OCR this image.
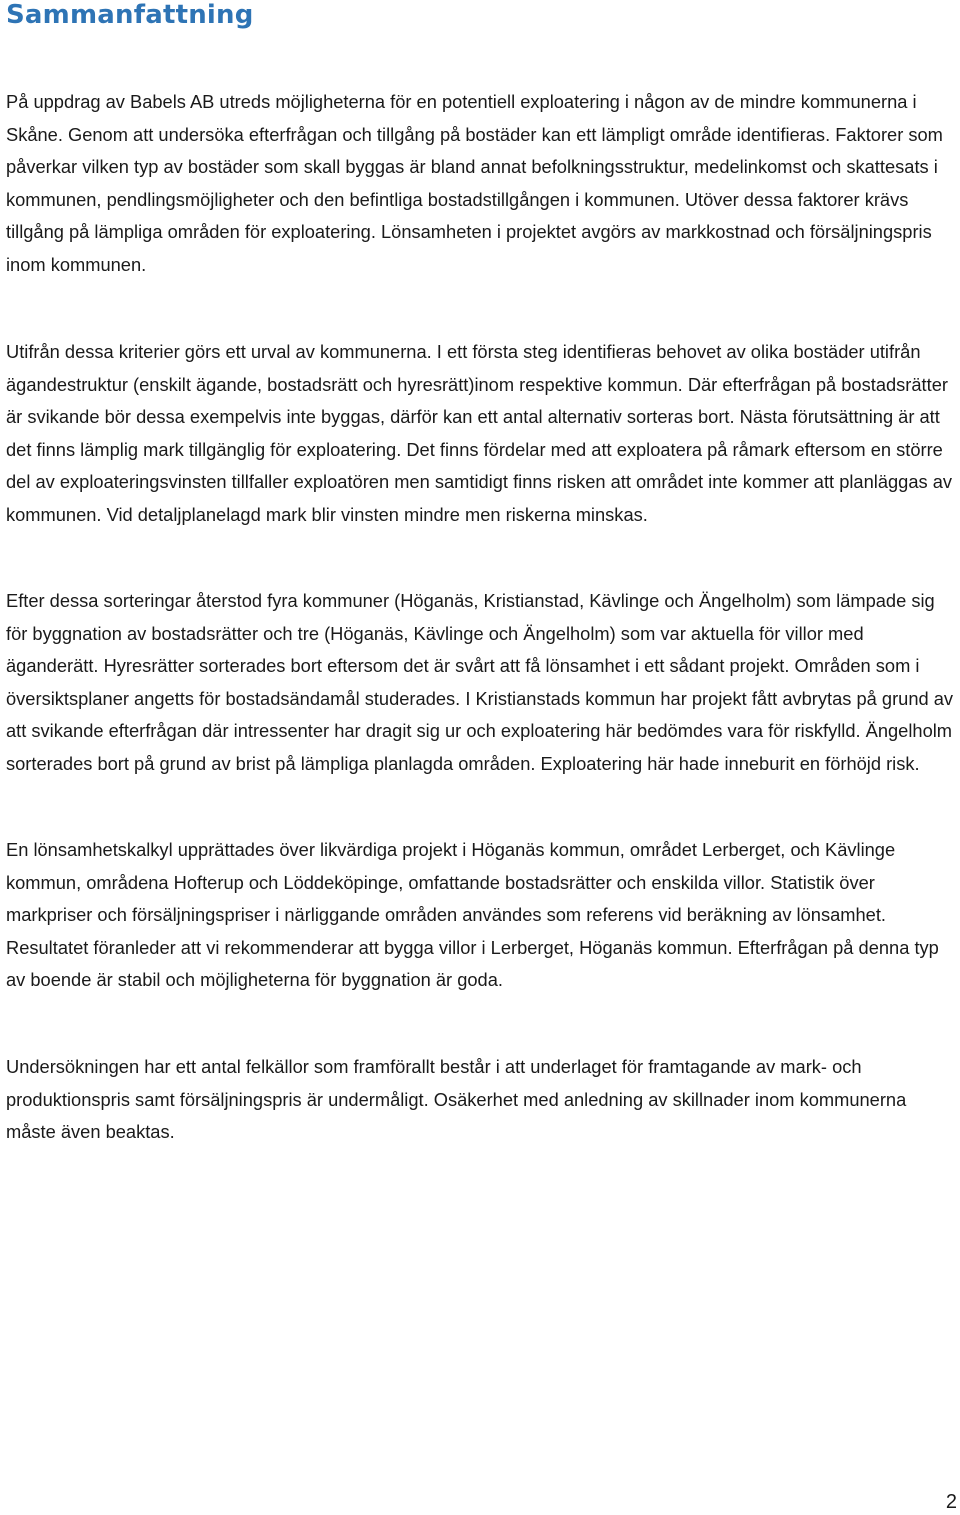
Sammanfattning

På uppdrag av Babels AB utreds möjligheterna för en potentiell exploatering i någon av de mindre kommunerna i Skåne. Genom att undersöka efterfrågan och tillgång på bostäder kan ett lämpligt område identifieras. Faktorer som påverkar vilken typ av bostäder som skall byggas är bland annat befolkningsstruktur, medelinkomst och skattesats i kommunen, pendlingsmöjligheter och den befintliga bostadstillgången i kommunen. Utöver dessa faktorer krävs tillgång på lämpliga områden för exploatering. Lönsamheten i projektet avgörs av markkostnad och försäljningspris inom kommunen.

Utifrån dessa kriterier görs ett urval av kommunerna. I ett första steg identifieras behovet av olika bostäder utifrån ägandestruktur (enskilt ägande, bostadsrätt och hyresrätt)inom respektive kommun. Där efterfrågan på bostadsrätter är svikande bör dessa exempelvis inte byggas, därför kan ett antal alternativ sorteras bort. Nästa förutsättning är att det finns lämplig mark tillgänglig för exploatering. Det finns fördelar med att exploatera på råmark eftersom en större del av exploateringsvinsten tillfaller exploatören men samtidigt finns risken att området inte kommer att planläggas av kommunen. Vid detaljplanelagd mark blir vinsten mindre men riskerna minskas.

Efter dessa sorteringar återstod fyra kommuner (Höganäs, Kristianstad, Kävlinge och Ängelholm) som lämpade sig för byggnation av bostadsrätter och tre (Höganäs, Kävlinge och Ängelholm) som var aktuella för villor med äganderätt. Hyresrätter sorterades bort eftersom det är svårt att få lönsamhet i ett sådant projekt. Områden som i översiktsplaner angetts för bostadsändamål studerades. I Kristianstads kommun har projekt fått avbrytas på grund av att svikande efterfrågan där intressenter har dragit sig ur och exploatering här bedömdes vara för riskfylld. Ängelholm sorterades bort på grund av brist på lämpliga planlagda områden. Exploatering här hade inneburit en förhöjd risk.

En lönsamhetskalkyl upprättades över likvärdiga projekt i Höganäs kommun, området Lerberget, och Kävlinge kommun, områdena Hofterup och Löddeköpinge, omfattande bostadsrätter och enskilda villor. Statistik över markpriser och försäljningspriser i närliggande områden användes som referens vid beräkning av lönsamhet. Resultatet föranleder att vi rekommenderar att bygga villor i Lerberget, Höganäs kommun. Efterfrågan på denna typ av boende är stabil och möjligheterna för byggnation är goda.

Undersökningen har ett antal felkällor som framförallt består i att underlaget för framtagande av mark- och produktionspris samt försäljningspris är undermåligt. Osäkerhet med anledning av skillnader inom kommunerna måste även beaktas.

2
